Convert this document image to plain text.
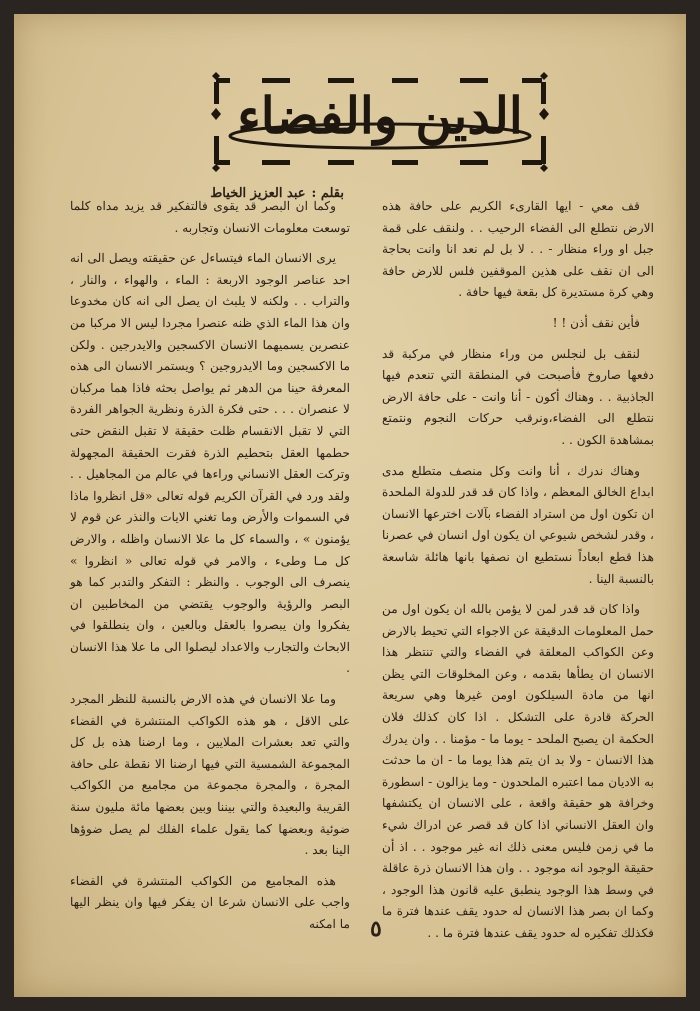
الدين والفضاء
بقلم :عبد العزيز الخياط

قف معي - ايها القارىء الكريم على حافة هذه الارض نتطلع الى الفضاء الرحيب . . ولنقف على قمة جبل او وراء منظار - . . لا بل لم نعد انا وانت بحاجة الى ان نقف على هذين الموقفين فلس للارض حافة وهي كرة مستديرة كل بقعة فيها حافة .

فأين نقف أذن ! !

لنقف بل لنجلس من وراء منظار في مركبة قد دفعها صاروخ فأصبحت في المنطقة التي تنعدم فيها الجاذبية . . وهناك أكون - أنا وانت - على حافة الارض نتطلع الى الفضاء،ونرقب حركات النجوم ونتمتع بمشاهدة الكون . .

وهناك ندرك ، أنا وانت وكل منصف متطلع مدى ابداع الخالق المعظم ، واذا كان قد قدر للدولة الملحدة ان تكون اول من استراد الفضاء بآلات اخترعها الانسان ، وقدر لشخص شيوعي ان يكون اول انسان في عصرنا هذا قطع ابعاداً نستطيع ان نصفها بانها هائلة شاسعة بالنسبة الينا .

واذا كان قد قدر لمن لا يؤمن بالله ان يكون اول من حمل المعلومات الدقيقة عن الاجواء التي تحيط بالارض وعن الكواكب المعلقة في الفضاء والتي تنتظر هذا الانسان ان يطأها بقدمه ، وعن المخلوقات التي يظن انها من مادة السيلكون اومن غيرها وهي سريعة الحركة قادرة على التشكل . اذا كان كذلك فلان الحكمة ان يصبح الملحد - يوما ما - مؤمنا . . وان يدرك هذا الانسان - ولا بد ان يتم هذا يوما ما - ان ما حدثت به الاديان مما اعتبره الملحدون - وما يزالون - اسطورة وخرافة هو حقيقة واقعة ، على الانسان ان يكتشفها وان العقل الانساني اذا كان قد قصر عن ادراك شيء ما في زمن فليس معنى ذلك انه غير موجود . . اذ أن حقيقة الوجود انه موجود . . وان هذا الانسان ذرة عاقلة في وسط هذا الوجود ينطبق عليه قانون هذا الوجود ، وكما ان بصر هذا الانسان له حدود يقف عندها فترة ما فكذلك تفكيره له حدود يقف عندها فترة ما . .

وكما ان البصر قد يقوى فالتفكير قد يزيد مداه كلما توسعت معلومات الانسان وتجاربه .

يرى الانسان الماء فيتساءل عن حقيقته ويصل الى انه احد عناصر الوجود الاربعة : الماء ، والهواء ، والنار ، والتراب . . ولكنه لا يلبث ان يصل الى انه كان مخدوعا وان هذا الماء الذي ظنه عنصرا مجردا ليس الا مركبا من عنصرين يسميهما الانسان الاكسجين والايدرجين . ولكن ما الاكسجين وما الايدروجين ؟ ويستمر الانسان الى هذه المعرفة حينا من الدهر ثم يواصل بحثه فاذا هما مركبان لا عنصران . . . حتى فكرة الذرة ونظرية الجواهر الفردة التي لا تقبل الانقسام ظلت حقيقة لا تقبل النقض حتى حطمها العقل بتحطيم الذرة فقرت الحقيقة المجهولة وتركت العقل الانساني وراءها في عالم من المجاهيل . . ولقد ورد في القرآن الكريم قوله تعالى «قل انظروا ماذا في السموات والأرض وما تغني الايات والنذر عن قوم لا يؤمنون » ، والسماء كل ما علا الانسان واظله ، والارض كل مـا وطىء ، والامر في قوله تعالى « انظروا » ينصرف الى الوجوب . والنظر : التفكر والتدبر كما هو البصر والرؤية والوجوب يقتضي من المخاطبين ان يفكروا وان يبصروا بالعقل وبالعين ، وان ينطلقوا في الابحاث والتجارب والاعداد ليصلوا الى ما علا هذا الانسان .

وما علا الانسان في هذه الارض بالنسبة للنظر المجرد على الاقل ، هو هذه الكواكب المنتشرة في الفضاء والتي تعد بعشرات الملايين ، وما ارضنا هذه بل كل المجموعة الشمسية التي فيها ارضنا الا نقطة على حافة المجرة ، والمجرة مجموعة من مجاميع من الكواكب القريبة والبعيدة والتي بيننا وبين بعضها مائة مليون سنة ضوئية وبعضها كما يقول علماء الفلك لم يصل ضوؤها الينا بعد .

هذه المجاميع من الكواكب المنتشرة في الفضاء واجب على الانسان شرعا ان يفكر فيها وان ينظر اليها ما امكنه ٥
